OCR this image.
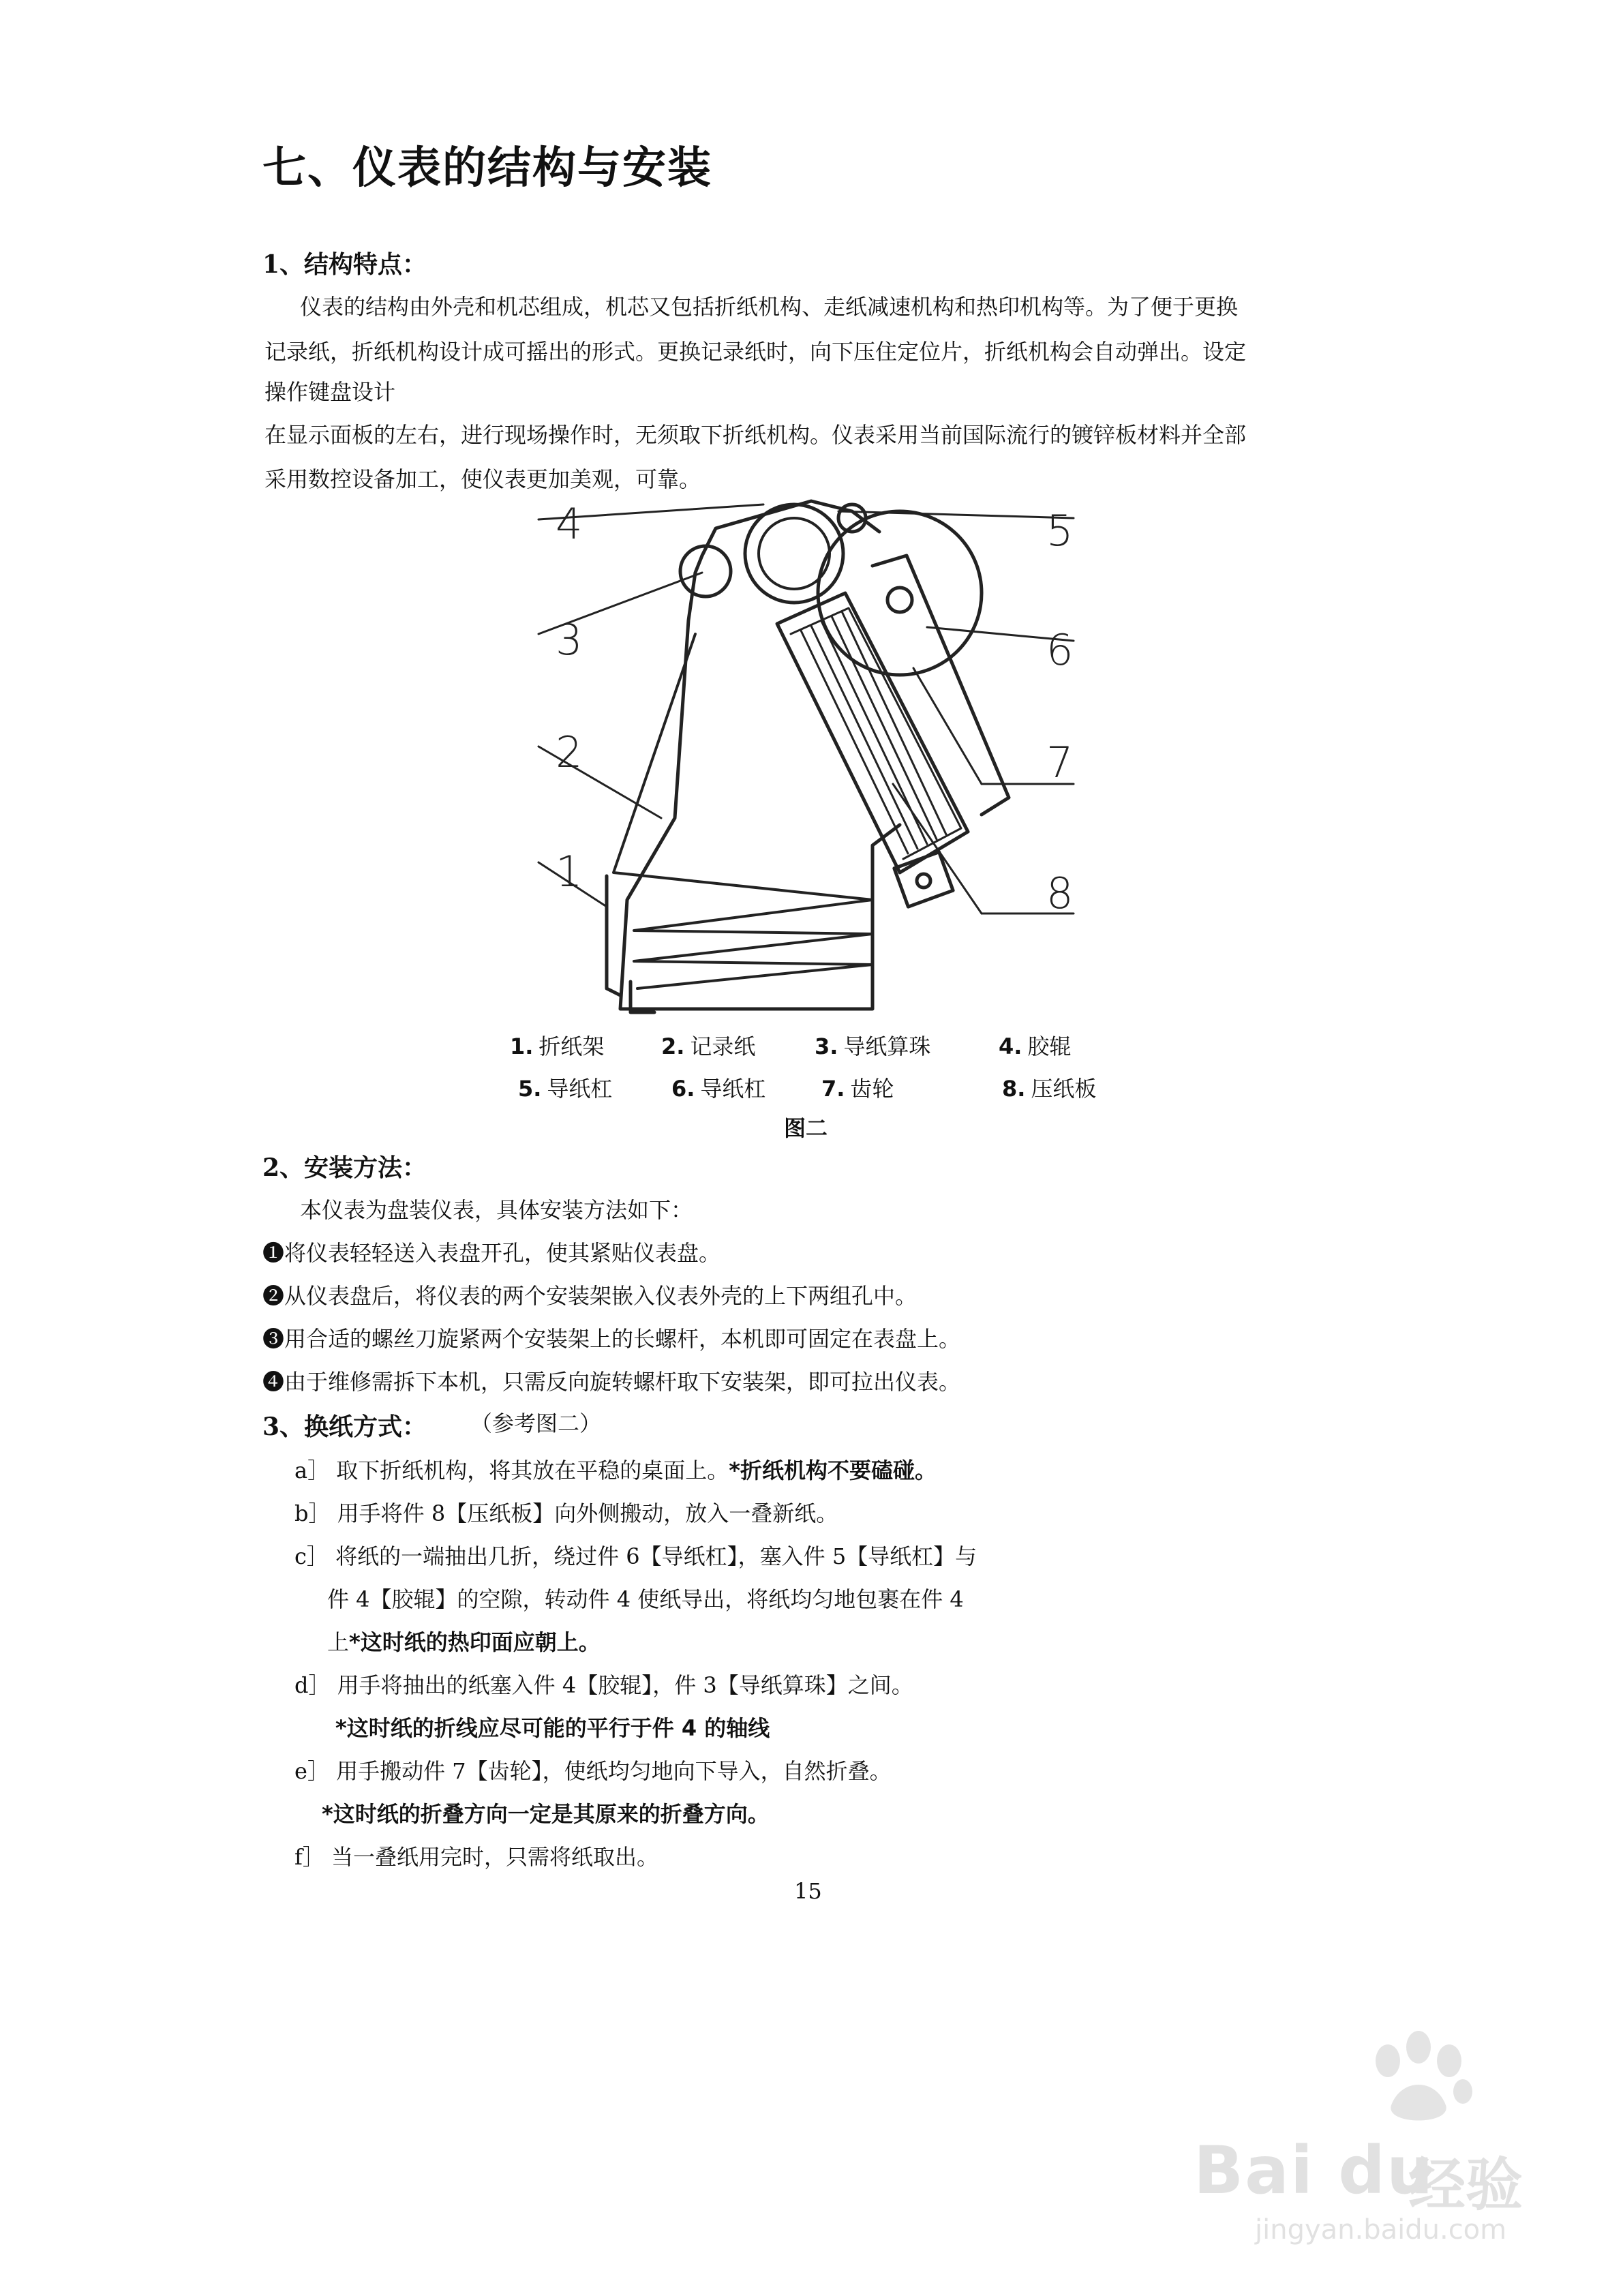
七、仪表的结构与安装
1、结构特点：
仪表的结构由外壳和机芯组成，机芯又包括折纸机构、走纸减速机构和热印机构等。为了便于更换
记录纸，折纸机构设计成可摇出的形式。更换记录纸时，向下压住定位片，折纸机构会自动弹出。设定
操作键盘设计
在显示面板的左右，进行现场操作时，无须取下折纸机构。仪表采用当前国际流行的镀锌板材料并全部
采用数控设备加工，使仪表更加美观，可靠。
4
3
2
1
5
6
7
8
1. 折纸架	2. 记录纸	3. 导纸算珠	4. 胶辊
5. 导纸杠	6. 导纸杠	7. 齿轮	8. 压纸板
图二
2、安装方法：
本仪表为盘装仪表，具体安装方法如下：
❶将仪表轻轻送入表盘开孔，使其紧贴仪表盘。
❷从仪表盘后，将仪表的两个安装架嵌入仪表外壳的上下两组孔中。
❸用合适的螺丝刀旋紧两个安装架上的长螺杆，本机即可固定在表盘上。
❹由于维修需拆下本机，只需反向旋转螺杆取下安装架，即可拉出仪表。
3、换纸方式： （参考图二）
a］ 取下折纸机构，将其放在平稳的桌面上。*折纸机构不要磕碰。
b］ 用手将件 8【压纸板】向外侧搬动，放入一叠新纸。
c］ 将纸的一端抽出几折，绕过件 6【导纸杠】，塞入件 5【导纸杠】与
件 4【胶辊】的空隙，转动件 4 使纸导出，将纸均匀地包裹在件 4
上*这时纸的热印面应朝上。
d］ 用手将抽出的纸塞入件 4【胶辊】，件 3【导纸算珠】之间。
*这时纸的折线应尽可能的平行于件 4 的轴线
e］ 用手搬动件 7【齿轮】，使纸均匀地向下导入，自然折叠。
*这时纸的折叠方向一定是其原来的折叠方向。
f］ 当一叠纸用完时，只需将纸取出。
15
Bai du
经验
jingyan.baidu.com
